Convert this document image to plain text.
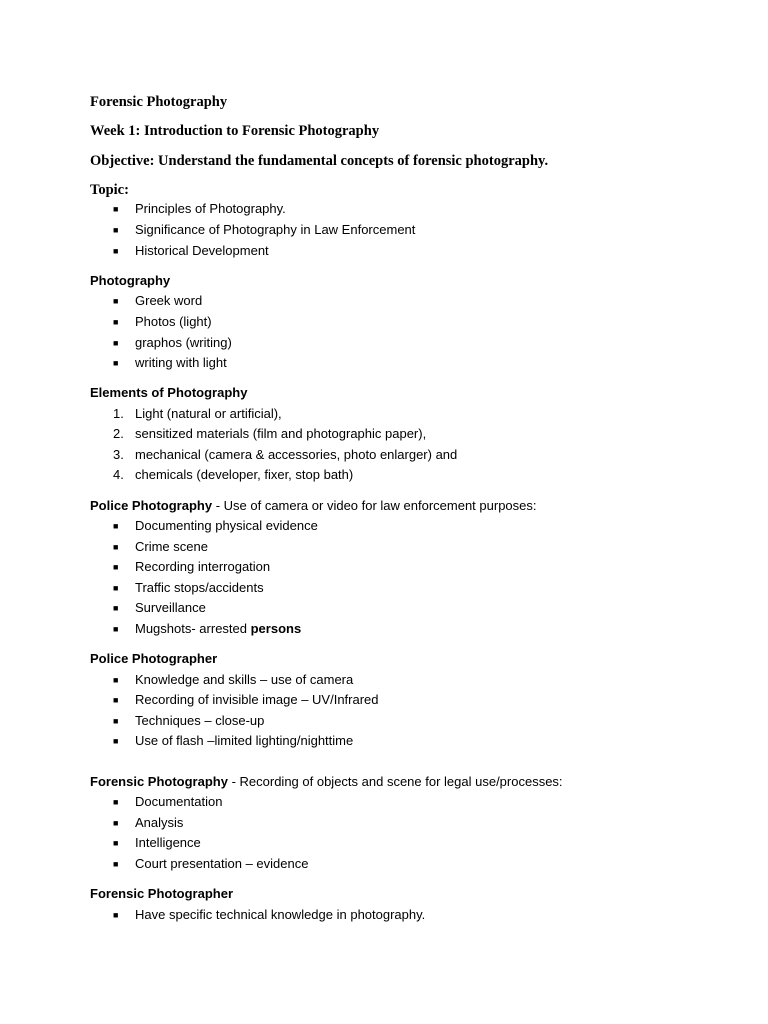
Forensic Photography
Week 1: Introduction to Forensic Photography
Objective: Understand the fundamental concepts of forensic photography.
Topic:
■ Principles of Photography.
■ Significance of Photography in Law Enforcement
■ Historical Development
Photography
■ Greek word
■ Photos (light)
■ graphos (writing)
■ writing with light
Elements of Photography
1. Light (natural or artificial),
2. sensitized materials (film and photographic paper),
3. mechanical (camera & accessories, photo enlarger) and
4. chemicals (developer, fixer, stop bath)
Police Photography - Use of camera or video for law enforcement purposes:
■ Documenting physical evidence
■ Crime scene
■ Recording interrogation
■ Traffic stops/accidents
■ Surveillance
■ Mugshots- arrested persons
Police Photographer
■ Knowledge and skills – use of camera
■ Recording of invisible image – UV/Infrared
■ Techniques – close-up
■ Use of flash –limited lighting/nighttime
Forensic Photography - Recording of objects and scene for legal use/processes:
■ Documentation
■ Analysis
■ Intelligence
■ Court presentation – evidence
Forensic Photographer
■ Have specific technical knowledge in photography.
